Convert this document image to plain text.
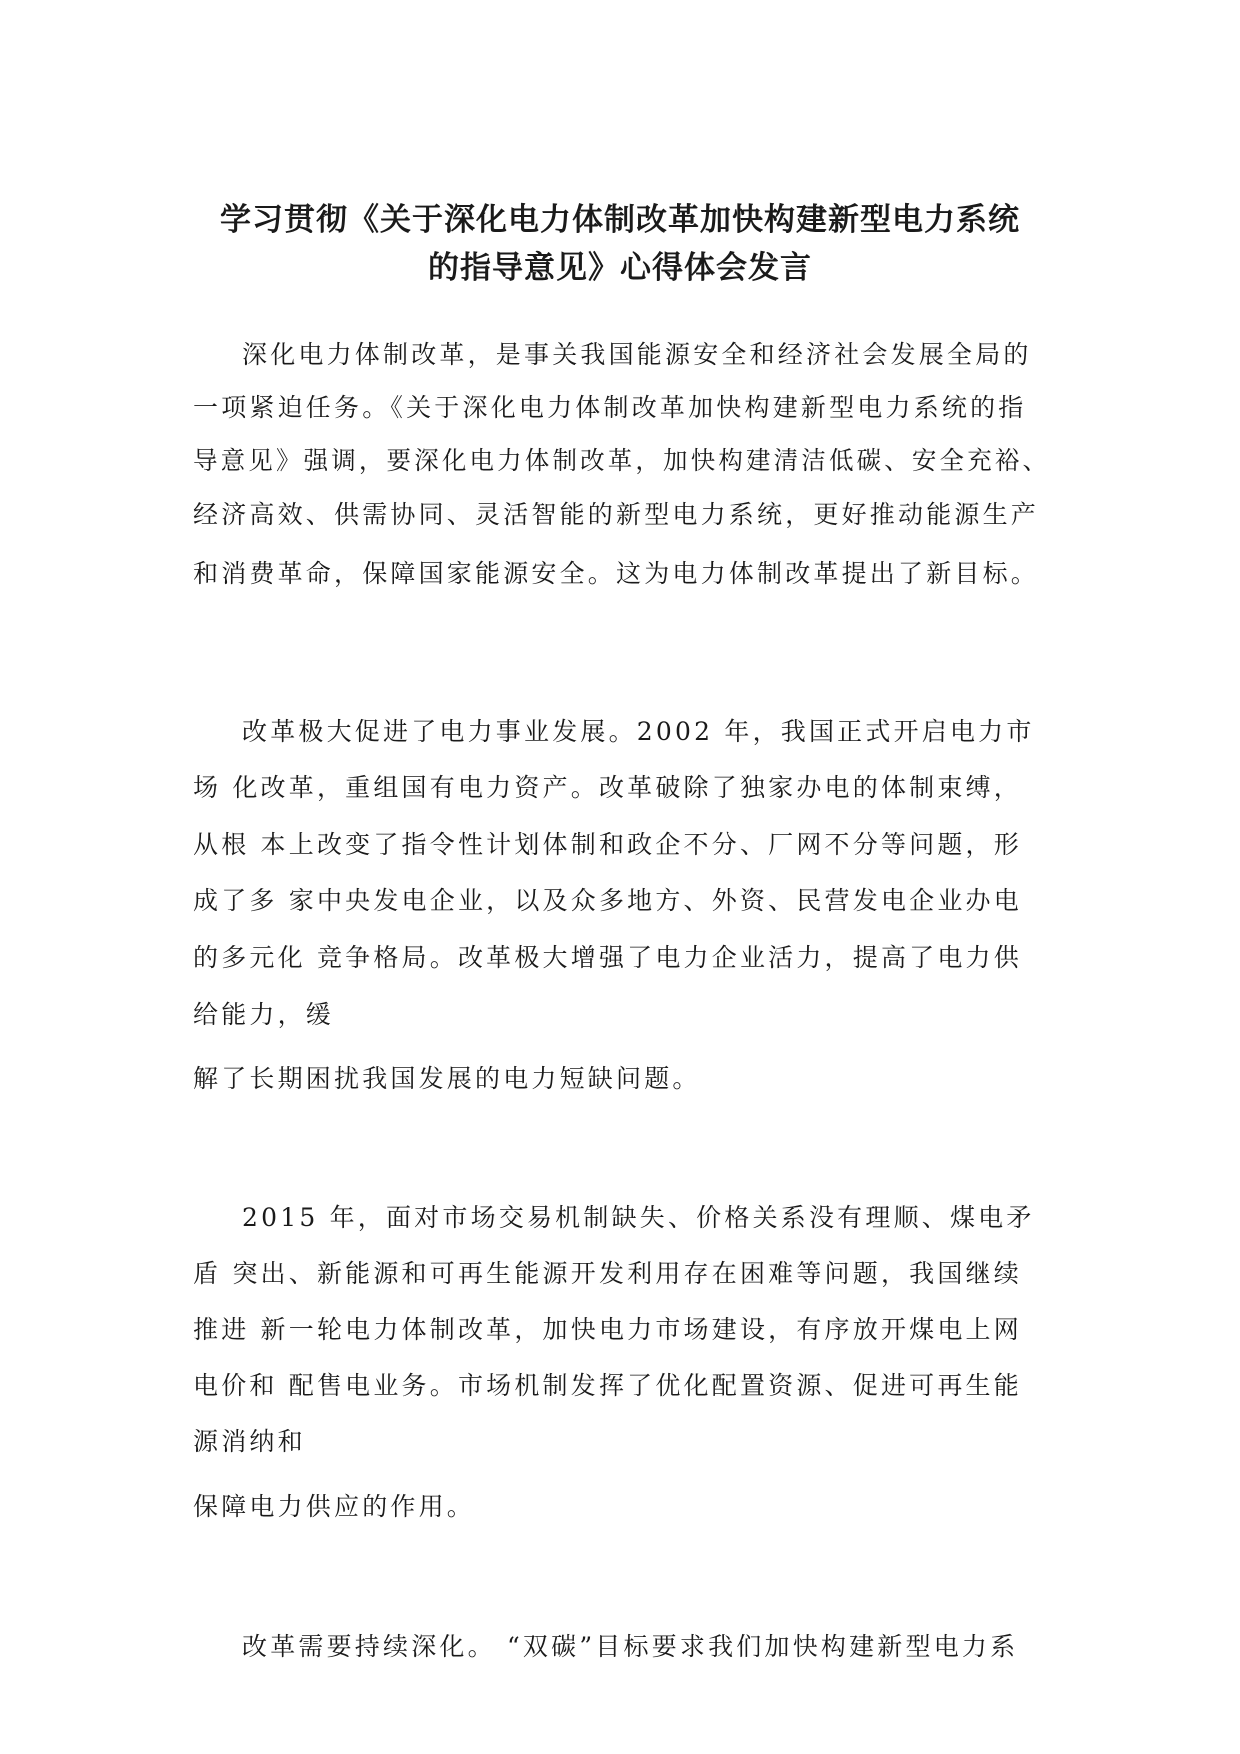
学习贯彻《关于深化电力体制改革加快构建新型电力系统
的指导意见》心得体会发言

深化电力体制改革，是事关我国能源安全和经济社会发展全局的

一项紧迫任务。《关于深化电力体制改革加快构建新型电力系统的指

导意见》强调，要深化电力体制改革，加快构建清洁低碳、安全充裕、

经济高效、供需协同、灵活智能的新型电力系统，更好推动能源生产

和消费革命，保障国家能源安全。这为电力体制改革提出了新目标。

改革极大促进了电力事业发展。2002 年，我国正式开启电力市

场 化改革，重组国有电力资产。改革破除了独家办电的体制束缚，

从根 本上改变了指令性计划体制和政企不分、厂网不分等问题，形

成了多 家中央发电企业，以及众多地方、外资、民营发电企业办电

的多元化 竞争格局。改革极大增强了电力企业活力，提高了电力供

给能力，缓

解了长期困扰我国发展的电力短缺问题。

2015 年，面对市场交易机制缺失、价格关系没有理顺、煤电矛

盾 突出、新能源和可再生能源开发利用存在困难等问题，我国继续

推进 新一轮电力体制改革，加快电力市场建设，有序放开煤电上网

电价和 配售电业务。市场机制发挥了优化配置资源、促进可再生能

源消纳和

保障电力供应的作用。

改革需要持续深化。 “双碳”目标要求我们加快构建新型电力系
